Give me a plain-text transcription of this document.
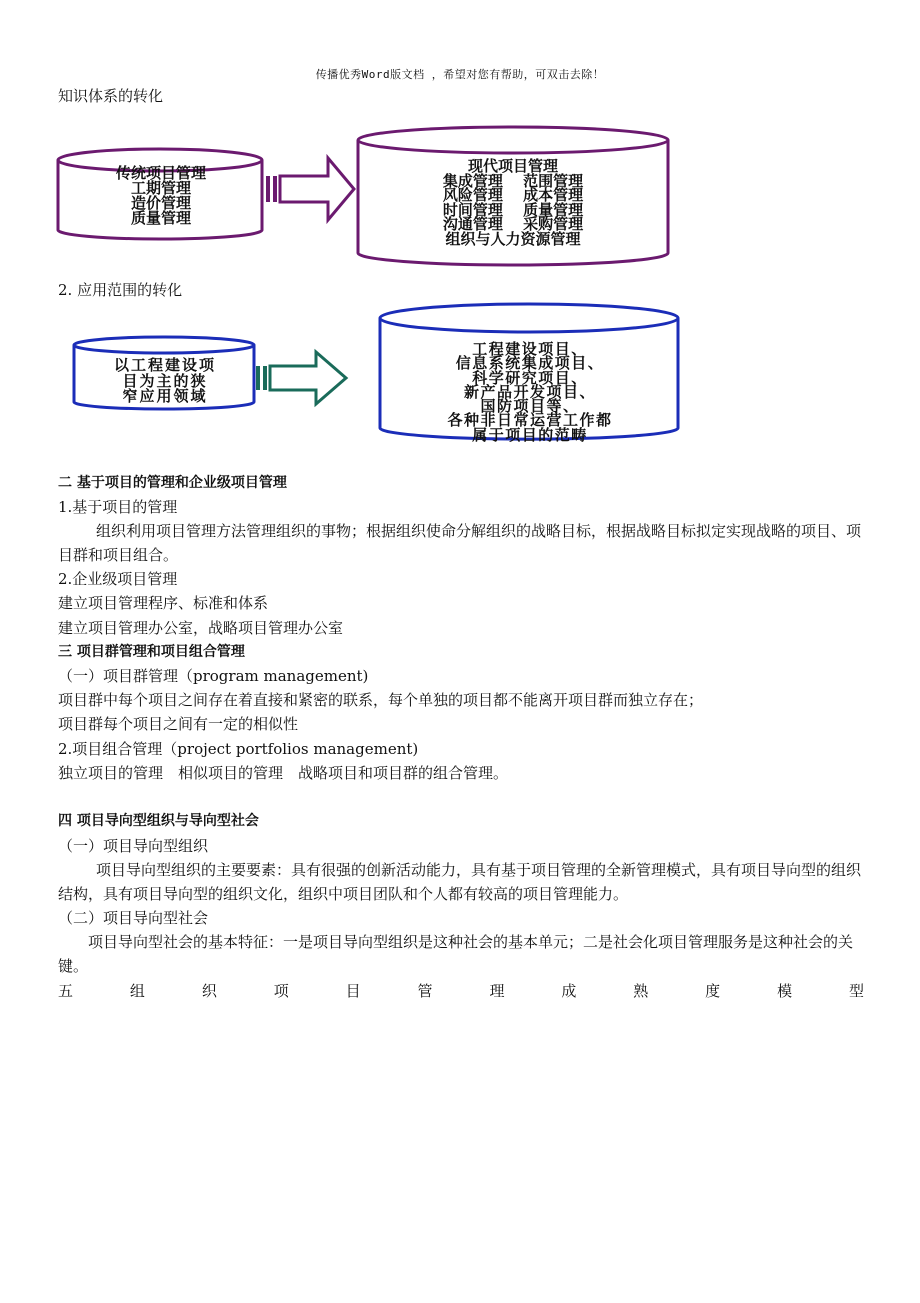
传播优秀Word版文档 ，希望对您有帮助，可双击去除！
知识体系的转化
传统项目管理
工期管理
造价管理
质量管理
现代项目管理
集成管理　 范围管理
风险管理　 成本管理
时间管理　 质量管理
沟通管理　 采购管理
组织与人力资源管理
2. 应用范围的转化
以工程建设项
目为主的狭
窄应用领域
工程建设项目、
信息系统集成项目、
科学研究项目、
新产品开发项目、
国防项目等、
各种非日常运营工作都
属于项目的范畴
二 基于项目的管理和企业级项目管理
1.基于项目的管理
组织利用项目管理方法管理组织的事物；根据组织使命分解组织的战略目标，根据战略目标拟定实现战略的项目、项目群和项目组合。
2.企业级项目管理
建立项目管理程序、标准和体系
建立项目管理办公室，战略项目管理办公室
三 项目群管理和项目组合管理
（一）项目群管理（program management)
项目群中每个项目之间存在着直接和紧密的联系，每个单独的项目都不能离开项目群而独立存在；
项目群每个项目之间有一定的相似性
2.项目组合管理（project portfolios management)
独立项目的管理　相似项目的管理　战略项目和项目群的组合管理。
四 项目导向型组织与导向型社会
（一）项目导向型组织
项目导向型组织的主要要素：具有很强的创新活动能力，具有基于项目管理的全新管理模式，具有项目导向型的组织结构，具有项目导向型的组织文化，组织中项目团队和个人都有较高的项目管理能力。
（二）项目导向型社会
项目导向型社会的基本特征：一是项目导向型组织是这种社会的基本单元；二是社会化项目管理服务是这种社会的关键。
五	组	织	项	目	管	理	成	熟	度	模	型
